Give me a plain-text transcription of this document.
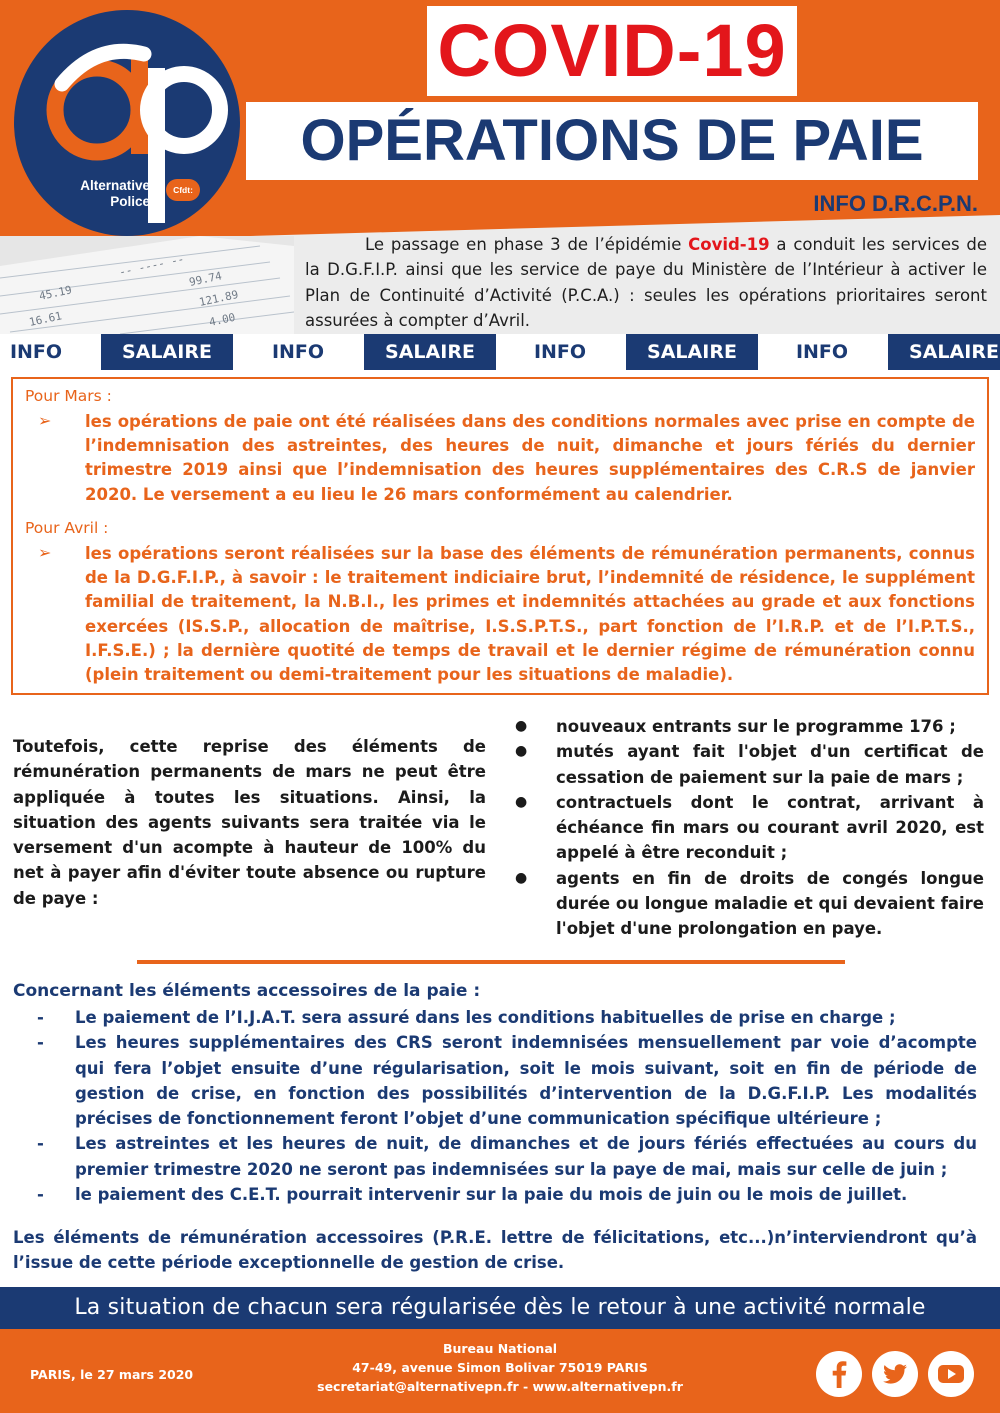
Alternative
Police
Cfdt:
COVID-19
OPÉRATIONS DE PAIE
INFO D.R.C.P.N.
45.19
16.61
99.74
121.89
4.00
-- ---- --

Le passage en phase 3 de l’épidémie Covid-19 a conduit les services de la D.G.F.I.P. ainsi que les service de paye du Ministère de l’Intérieur à activer le Plan de Continuité d’Activité (P.C.A.) : seules les opérations prioritaires seront assurées à compter d’Avril.

INFO	SALAIRE	INFO	SALAIRE	INFO	SALAIRE	INFO	SALAIRE
Pour Mars :
➢ les opérations de paie ont été réalisées dans des conditions normales avec prise en compte de l’indemnisation des astreintes, des heures de nuit, dimanche et jours fériés du dernier trimestre 2019 ainsi que l’indemnisation des heures supplémentaires des C.R.S de janvier 2020. Le versement a eu lieu le 26 mars conformément au calendrier.

Pour Avril :
➢ les opérations seront réalisées sur la base des éléments de rémunération permanents, connus de la D.G.F.I.P., à savoir : le traitement indiciaire brut, l’indemnité de résidence, le supplément familial de traitement, la N.B.I., les primes et indemnités attachées au grade et aux fonctions exercées (IS.S.P., allocation de maîtrise, I.S.S.P.T.S., part fonction de l’I.R.P. et de l’I.P.T.S., I.F.S.E.) ; la dernière quotité de temps de travail et le dernier régime de rémunération connu (plein traitement ou demi-traitement pour les situations de maladie).

Toutefois, cette reprise des éléments de rémunération permanents de mars ne peut être appliquée à toutes les situations. Ainsi, la situation des agents suivants sera traitée via le versement d'un acompte à hauteur de 100% du net à payer afin d'éviter toute absence ou rupture de paye :

● nouveaux entrants sur le programme 176 ;
● mutés ayant fait l'objet d'un certificat de cessation de paiement sur la paie de mars ;
● contractuels dont le contrat, arrivant à échéance fin mars ou courant avril 2020, est appelé à être reconduit ;
● agents en fin de droits de congés longue durée ou longue maladie et qui devaient faire l'objet d'une prolongation en paye.
Concernant les éléments accessoires de la paie :
- Le paiement de l’I.J.A.T. sera assuré dans les conditions habituelles de prise en charge ;
- Les heures supplémentaires des CRS seront indemnisées mensuellement par voie d’acompte qui fera l’objet ensuite d’une régularisation, soit le mois suivant, soit en fin de période de gestion de crise, en fonction des possibilités d’intervention de la D.G.F.I.P. Les modalités précises de fonctionnement feront l’objet d’une communication spécifique ultérieure ;
- Les astreintes et les heures de nuit, de dimanches et de jours fériés effectuées au cours du premier trimestre 2020 ne seront pas indemnisées sur la paye de mai, mais sur celle de juin ;
- le paiement des C.E.T. pourrait intervenir sur la paie du mois de juin ou le mois de juillet.

Les éléments de rémunération accessoires (P.R.E. lettre de félicitations, etc...)n’interviendront qu’à l’issue de cette période exceptionnelle de gestion de crise.

La situation de chacun sera régularisée dès le retour à une activité normale
PARIS, le 27 mars 2020
Bureau National
47-49, avenue Simon Bolivar 75019 PARIS
secretariat@alternativepn.fr - www.alternativepn.fr
